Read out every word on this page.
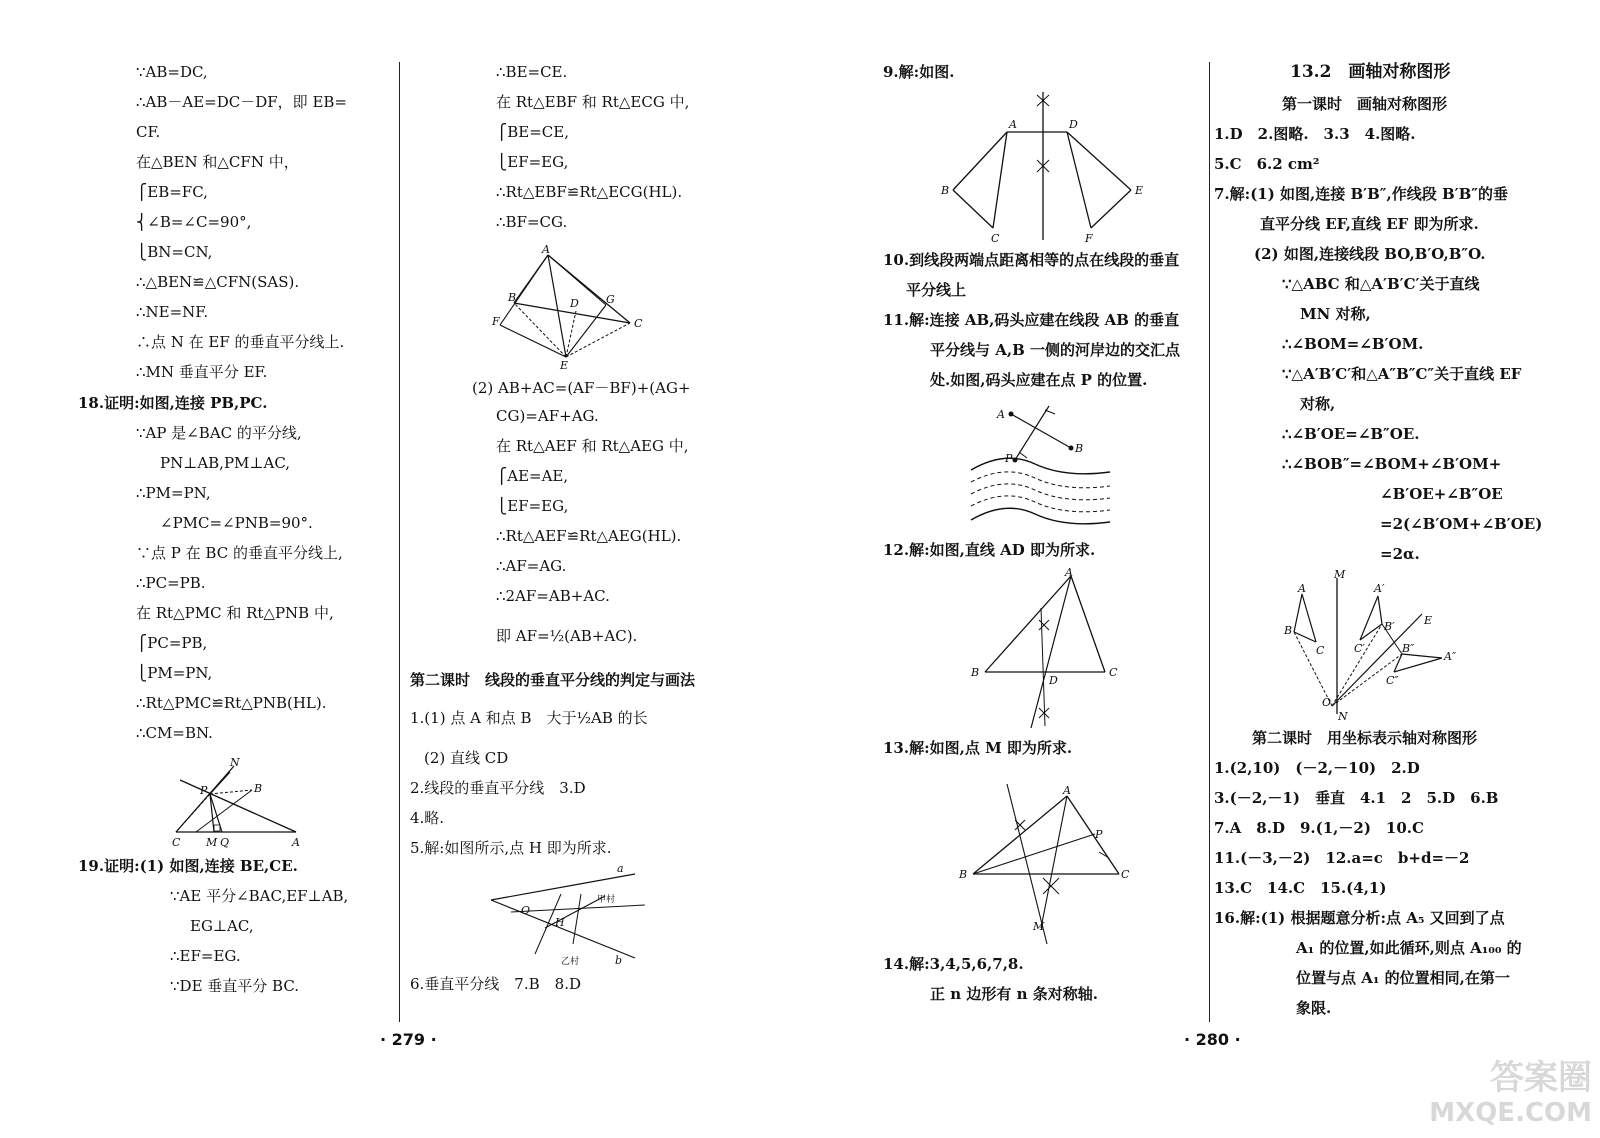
∵AB=DC,
∴AB－AE=DC－DF，即 EB=
CF.
在△BEN 和△CFN 中，
⎧EB=FC,
⎨∠B=∠C=90°,
⎩BN=CN,
∴△BEN≌△CFN(SAS).
∴NE=NF.
∴点 N 在 EF 的垂直平分线上.
∴MN 垂直平分 EF.
18.证明:如图,连接 PB,PC.
∵AP 是∠BAC 的平分线,
PN⊥AB,PM⊥AC,
∴PM=PN,
∠PMC=∠PNB=90°.
∵点 P 在 BC 的垂直平分线上,
∴PC=PB.
在 Rt△PMC 和 Rt△PNB 中,
⎧PC=PB,
⎩PM=PN,
∴Rt△PMC≌Rt△PNB(HL).
∴CM=BN.
N
B
P
C M Q	A
19.证明:(1) 如图,连接 BE,CE.
∵AE 平分∠BAC,EF⊥AB,
EG⊥AC,
∴EF=EG.
∵DE 垂直平分 BC.
∴BE=CE.
在 Rt△EBF 和 Rt△ECG 中,
⎧BE=CE,
⎩EF=EG,
∴Rt△EBF≌Rt△ECG(HL).
∴BF=CG.
A
B	D G
F	C
E
(2) AB+AC=(AF－BF)+(AG+
CG)=AF+AG.
在 Rt△AEF 和 Rt△AEG 中,
⎧AE=AE,
⎩EF=EG,
∴Rt△AEF≌Rt△AEG(HL).
∴AF=AG.
∴2AF=AB+AC.
即 AF=½(AB+AC).
第二课时　线段的垂直平分线的判定与画法
1.(1) 点 A 和点 B　大于½AB 的长
(2) 直线 CD
2.线段的垂直平分线　3.D
4.略.
5.解:如图所示,点 H 即为所求.
a
O
甲村
H
乙村	b
6.垂直平分线　7.B　8.D
9.解:如图.
A	D
B	E
C	F
10.到线段两端点距离相等的点在线段的垂直
平分线上
11.解:连接 AB,码头应建在线段 AB 的垂直
平分线与 A,B 一侧的河岸边的交汇点
处.如图,码头应建在点 P 的位置.
A
B
P
12.解:如图,直线 AD 即为所求.
A
B
D
C
13.解:如图,点 M 即为所求.
A
P
B	C
M
14.解:3,4,5,6,7,8.
正 n 边形有 n 条对称轴.
13.2　画轴对称图形
第一课时　画轴对称图形
1.D　2.图略.　3.3　4.图略.
5.C　6.2 cm²
7.解:(1) 如图,连接 B′B″,作线段 B′B″的垂
直平分线 EF,直线 EF 即为所求.
(2) 如图,连接线段 BO,B′O,B″O.
∵△ABC 和△A′B′C′关于直线
MN 对称,
∴∠BOM=∠B′OM.
∵△A′B′C′和△A″B″C″关于直线 EF
对称,
∴∠B′OE=∠B″OE.
∴∠BOB″=∠BOM+∠B′OM+
∠B′OE+∠B″OE
=2(∠B′OM+∠B′OE)
=2α.
M
A
B
C
A′
B′
C′
E
B″
A″
C″
O
N
第二课时　用坐标表示轴对称图形
1.(2,10)　(－2,－10)　2.D
3.(－2,－1)　垂直　4.1　2　5.D　6.B
7.A　8.D　9.(1,－2)　10.C
11.(－3,－2)　12.a=c　b+d=－2
13.C　14.C　15.(4,1)
16.解:(1) 根据题意分析:点 A₅ 又回到了点
A₁ 的位置,如此循环,则点 A₁₀₀ 的
位置与点 A₁ 的位置相同,在第一
象限.
· 279 ·	· 280 ·
答案圈
MXQE.COM
